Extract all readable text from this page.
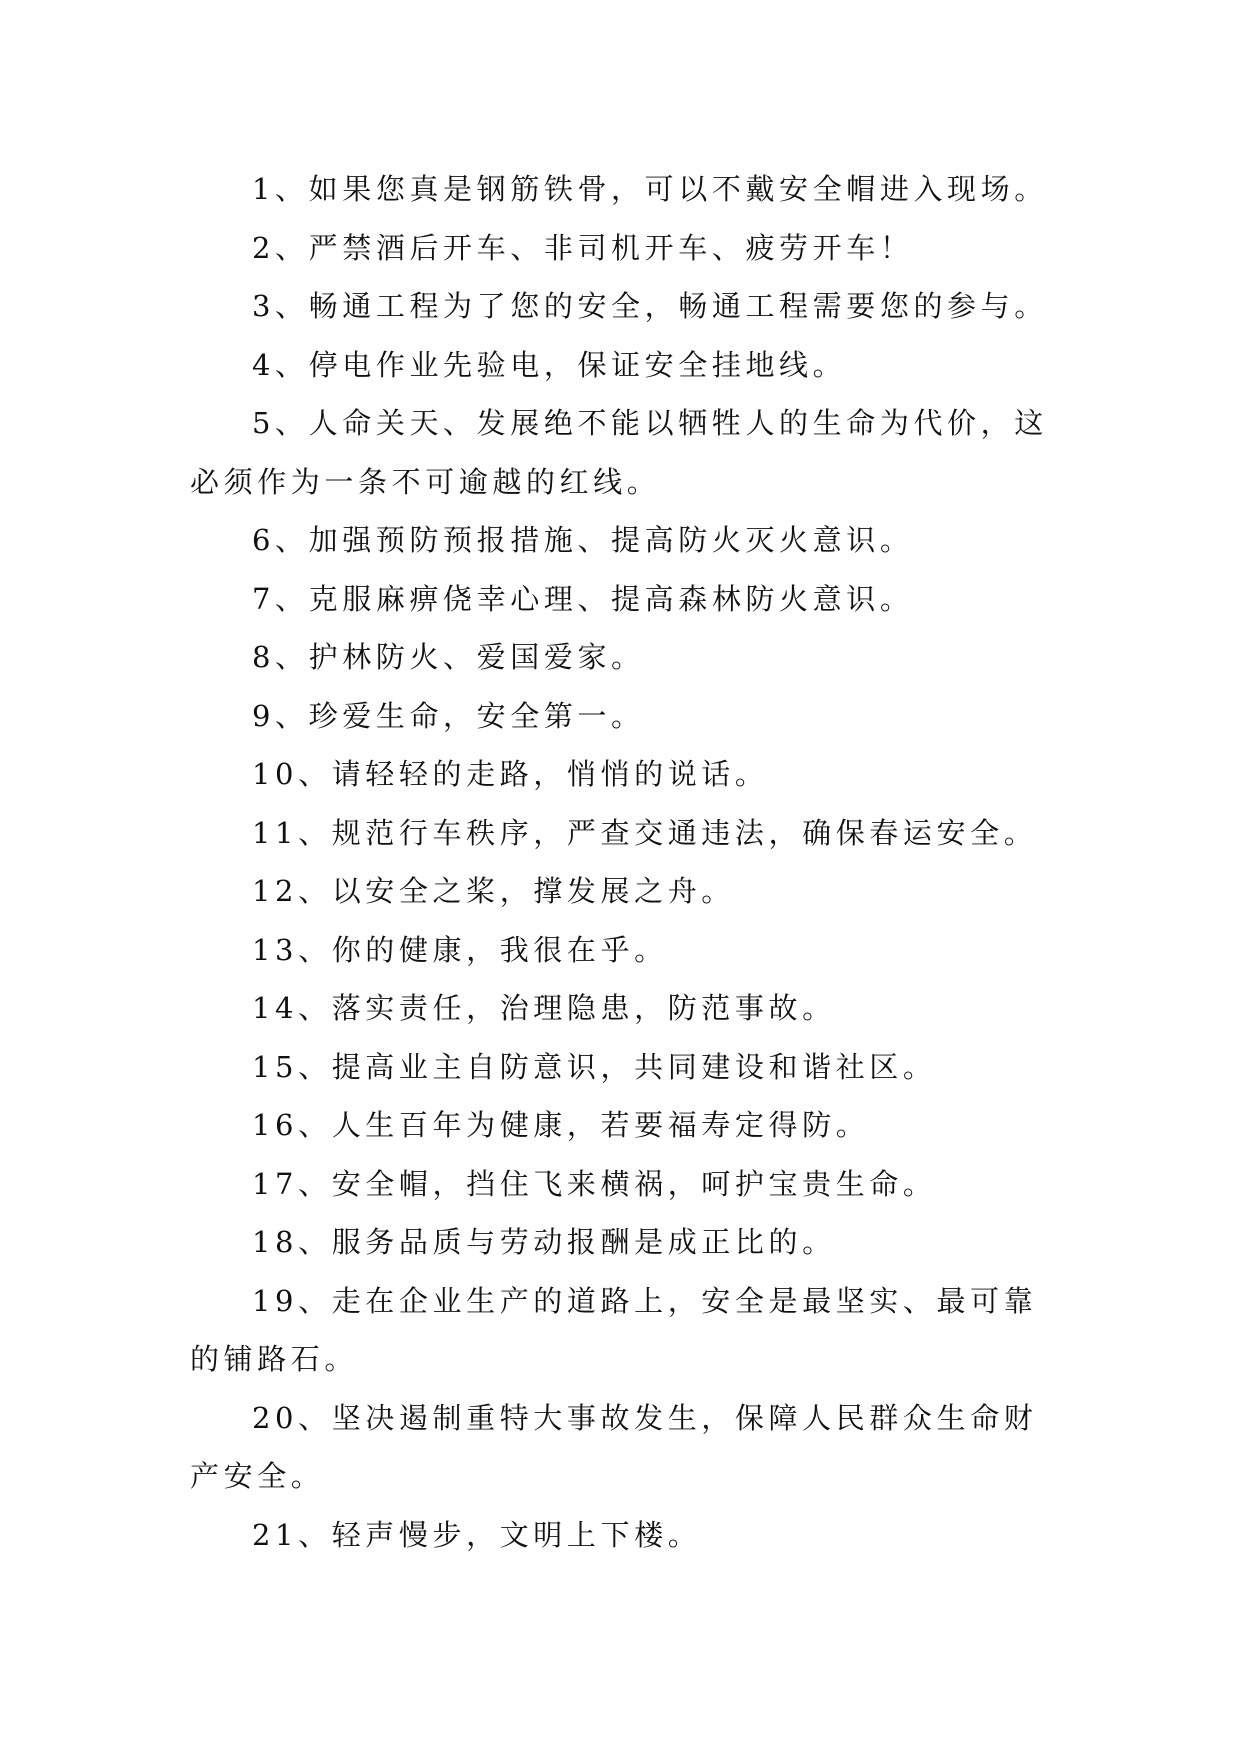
1、如果您真是钢筋铁骨，可以不戴安全帽进入现场。

2、严禁酒后开车、非司机开车、疲劳开车！

3、畅通工程为了您的安全，畅通工程需要您的参与。

4、停电作业先验电，保证安全挂地线。

5、人命关天、发展绝不能以牺牲人的生命为代价，这必须作为一条不可逾越的红线。

6、加强预防预报措施、提高防火灭火意识。

7、克服麻痹侥幸心理、提高森林防火意识。

8、护林防火、爱国爱家。

9、珍爱生命，安全第一。

10、请轻轻的走路，悄悄的说话。

11、规范行车秩序，严查交通违法，确保春运安全。

12、以安全之桨，撑发展之舟。

13、你的健康，我很在乎。

14、落实责任，治理隐患，防范事故。

15、提高业主自防意识，共同建设和谐社区。

16、人生百年为健康，若要福寿定得防。

17、安全帽，挡住飞来横祸，呵护宝贵生命。

18、服务品质与劳动报酬是成正比的。

19、走在企业生产的道路上，安全是最坚实、最可靠的铺路石。

20、坚决遏制重特大事故发生，保障人民群众生命财产安全。

21、轻声慢步，文明上下楼。
